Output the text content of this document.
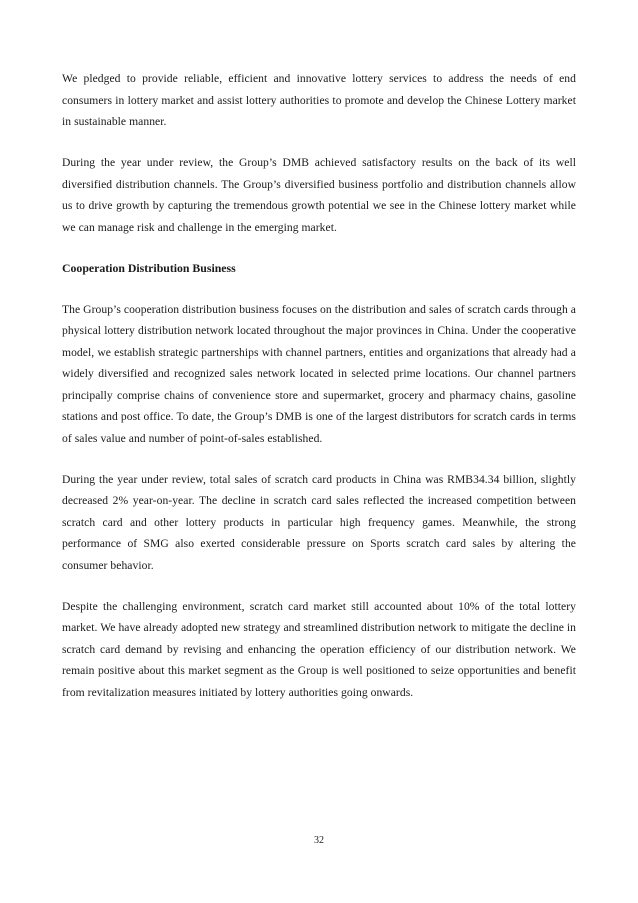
We pledged to provide reliable, efficient and innovative lottery services to address the needs of end consumers in lottery market and assist lottery authorities to promote and develop the Chinese Lottery market in sustainable manner.

During the year under review, the Group’s DMB achieved satisfactory results on the back of its well diversified distribution channels. The Group’s diversified business portfolio and distribution channels allow us to drive growth by capturing the tremendous growth potential we see in the Chinese lottery market while we can manage risk and challenge in the emerging market.

Cooperation Distribution Business

The Group’s cooperation distribution business focuses on the distribution and sales of scratch cards through a physical lottery distribution network located throughout the major provinces in China. Under the cooperative model, we establish strategic partnerships with channel partners, entities and organizations that already had a widely diversified and recognized sales network located in selected prime locations. Our channel partners principally comprise chains of convenience store and supermarket, grocery and pharmacy chains, gasoline stations and post office. To date, the Group’s DMB is one of the largest distributors for scratch cards in terms of sales value and number of point-of-sales established.

During the year under review, total sales of scratch card products in China was RMB34.34 billion, slightly decreased 2% year-on-year. The decline in scratch card sales reflected the increased competition between scratch card and other lottery products in particular high frequency games. Meanwhile, the strong performance of SMG also exerted considerable pressure on Sports scratch card sales by altering the consumer behavior.

Despite the challenging environment, scratch card market still accounted about 10% of the total lottery market. We have already adopted new strategy and streamlined distribution network to mitigate the decline in scratch card demand by revising and enhancing the operation efficiency of our distribution network. We remain positive about this market segment as the Group is well positioned to seize opportunities and benefit from revitalization measures initiated by lottery authorities going onwards.

32
